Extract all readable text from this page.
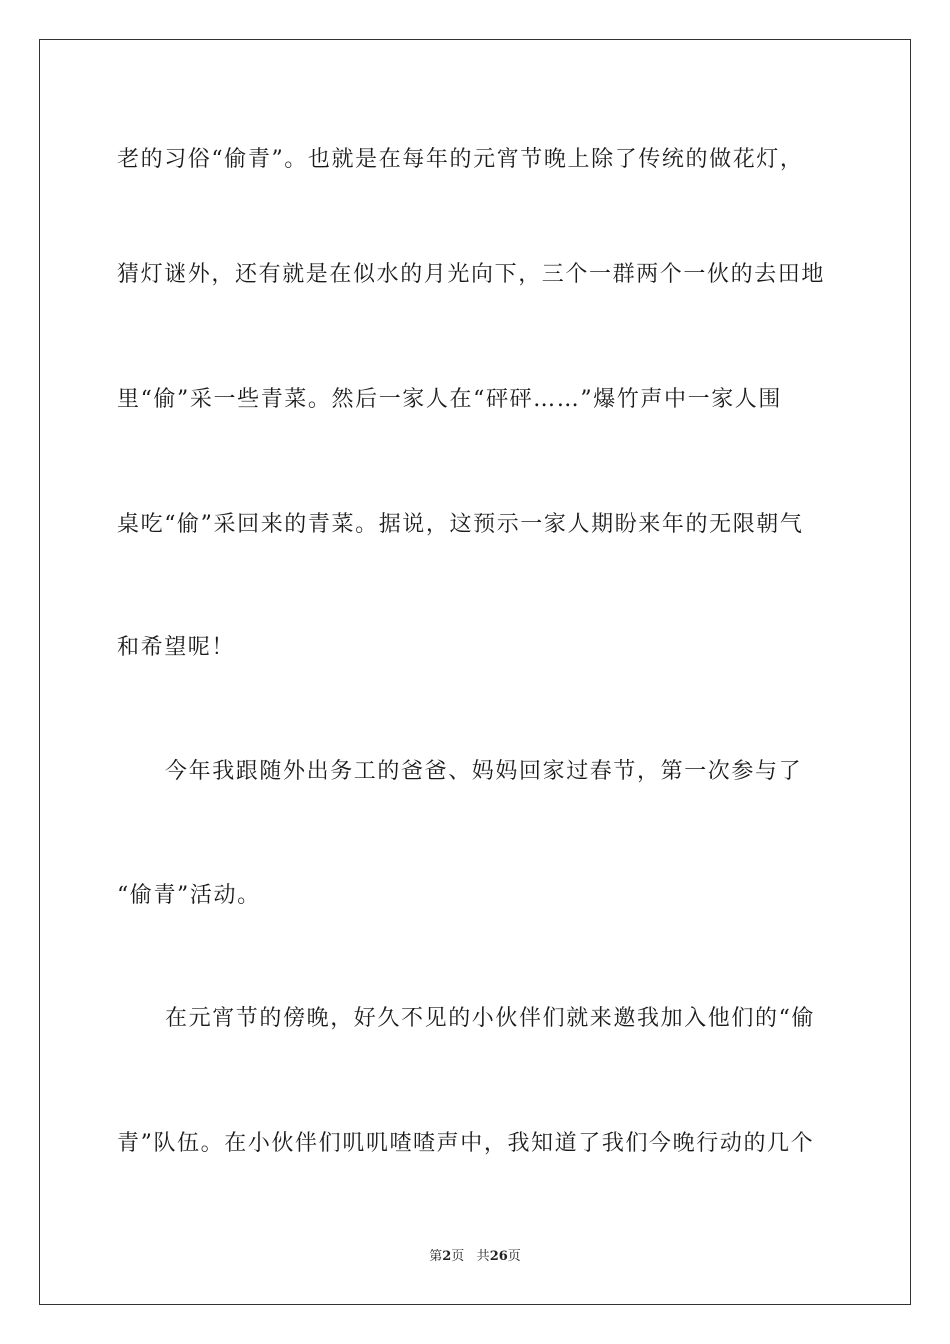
老的习俗“偷青”。也就是在每年的元宵节晚上除了传统的做花灯，
猜灯谜外，还有就是在似水的月光向下，三个一群两个一伙的去田地
里“偷”采一些青菜。然后一家人在“砰砰……”爆竹声中一家人围
桌吃“偷”采回来的青菜。据说，这预示一家人期盼来年的无限朝气
和希望呢！
今年我跟随外出务工的爸爸、妈妈回家过春节，第一次参与了
“偷青”活动。
在元宵节的傍晚，好久不见的小伙伴们就来邀我加入他们的“偷
青”队伍。在小伙伴们叽叽喳喳声中，我知道了我们今晚行动的几个
第2页 共26页
